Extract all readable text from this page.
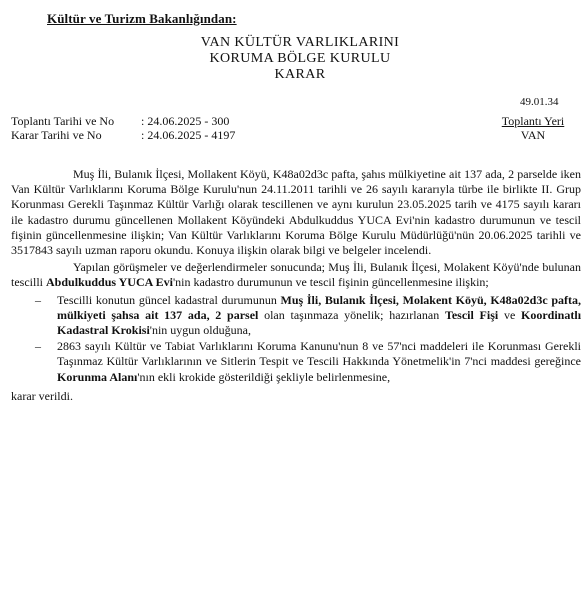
Kültür ve Turizm Bakanlığından:
VAN KÜLTÜR VARLIKLARINI
KORUMA BÖLGE KURULU
KARAR
49.01.34
Toplantı Tarihi ve No : 24.06.2025 - 300
Karar Tarihi ve No	: 24.06.2025 - 4197
Toplantı Yeri
VAN

Muş İli, Bulanık İlçesi, Mollakent Köyü, K48a02d3c pafta, şahıs mülkiyetine ait 137 ada, 2 parselde iken Van Kültür Varlıklarını Koruma Bölge Kurulu'nun 24.11.2011 tarihli ve 26 sayılı kararıyla türbe ile birlikte II. Grup Korunması Gerekli Taşınmaz Kültür Varlığı olarak tescillenen ve aynı kurulun 23.05.2025 tarih ve 4175 sayılı kararı ile kadastro durumu güncellenen Mollakent Köyündeki Abdulkuddus YUCA Evi'nin kadastro durumunun ve tescil fişinin güncellenmesine ilişkin; Van Kültür Varlıklarını Koruma Bölge Kurulu Müdürlüğü'nün 20.06.2025 tarihli ve 3517843 sayılı uzman raporu okundu. Konuya ilişkin olarak bilgi ve belgeler incelendi.

Yapılan görüşmeler ve değerlendirmeler sonucunda; Muş İli, Bulanık İlçesi, Molakent Köyü'nde bulunan tescilli Abdulkuddus YUCA Evi'nin kadastro durumunun ve tescil fişinin güncellenmesine ilişkin;

– Tescilli konutun güncel kadastral durumunun Muş İli, Bulanık İlçesi, Molakent Köyü, K48a02d3c pafta, mülkiyeti şahsa ait 137 ada, 2 parsel olan taşınmaza yönelik; hazırlanan Tescil Fişi ve Koordinatlı Kadastral Krokisi'nin uygun olduğuna,
– 2863 sayılı Kültür ve Tabiat Varlıklarını Koruma Kanunu'nun 8 ve 57'nci maddeleri ile Korunması Gerekli Taşınmaz Kültür Varlıklarının ve Sitlerin Tespit ve Tescili Hakkında Yönetmelik'in 7'nci maddesi gereğince Korunma Alanı'nın ekli krokide gösterildiği şekliyle belirlenmesine,

karar verildi.
